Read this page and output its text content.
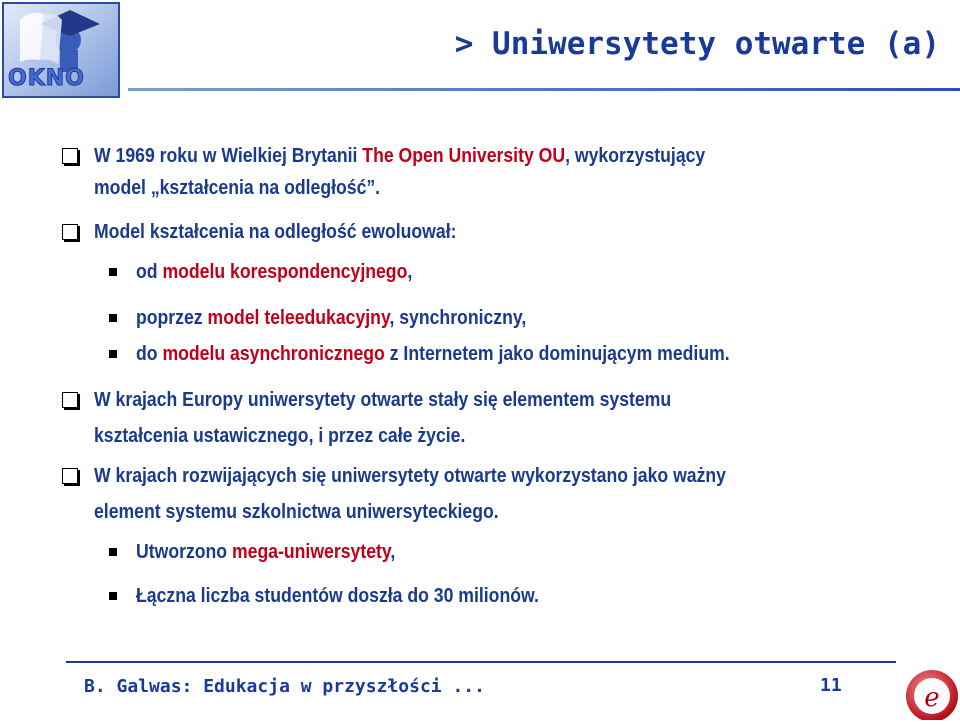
OKNO
> Uniwersytety otwarte (a)
W 1969 roku w Wielkiej Brytanii The Open University OU, wykorzystujący
model „kształcenia na odległość”.
Model kształcenia na odległość ewoluował:
od modelu korespondencyjnego,
poprzez model teleedukacyjny, synchroniczny,
do modelu asynchronicznego z Internetem jako dominującym medium.
W krajach Europy uniwersytety otwarte stały się elementem systemu
kształcenia ustawicznego, i przez całe życie.
W krajach rozwijających się uniwersytety otwarte wykorzystano jako ważny
element systemu szkolnictwa uniwersyteckiego.
Utworzono mega-uniwersytety,
Łączna liczba studentów doszła do 30 milionów.
B. Galwas: Edukacja w przyszłości ...	11	e
